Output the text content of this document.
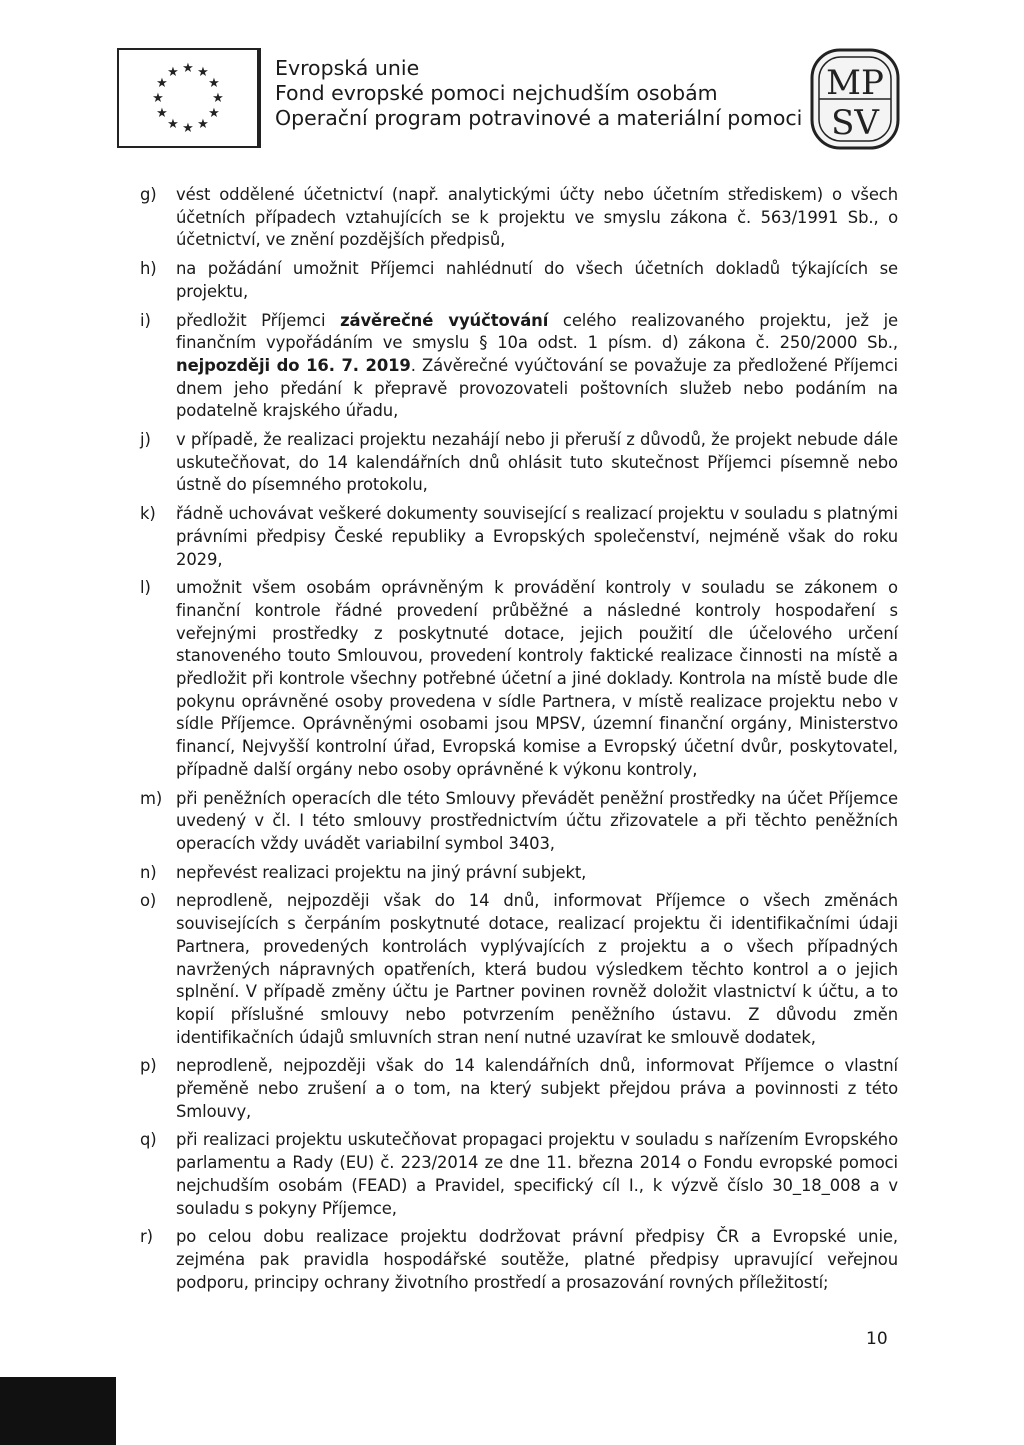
★ ★
★
★
★
★
★
★
★
★
★
★	Evropská unie
Fond evropské pomoci nejchudším osobám
Operační program potravinové a materiální pomoci
MP
SV
g) vést oddělené účetnictví (např. analytickými účty nebo účetním střediskem) o všech účetních případech vztahujících se k projektu ve smyslu zákona č. 563/1991 Sb., o účetnictví, ve znění pozdějších předpisů,
h) na požádání umožnit Příjemci nahlédnutí do všech účetních dokladů týkajících se projektu,
i) předložit Příjemci závěrečné vyúčtování celého realizovaného projektu, jež je finančním vypořádáním ve smyslu § 10a odst. 1 písm. d) zákona č. 250/2000 Sb., nejpozději do 16. 7. 2019. Závěrečné vyúčtování se považuje za předložené Příjemci dnem jeho předání k přepravě provozovateli poštovních služeb nebo podáním na podatelně krajského úřadu,
j) v případě, že realizaci projektu nezahájí nebo ji přeruší z důvodů, že projekt nebude dále uskutečňovat, do 14 kalendářních dnů ohlásit tuto skutečnost Příjemci písemně nebo ústně do písemného protokolu,
k) řádně uchovávat veškeré dokumenty související s realizací projektu v souladu s platnými právními předpisy České republiky a Evropských společenství, nejméně však do roku 2029,
l) umožnit všem osobám oprávněným k provádění kontroly v souladu se zákonem o finanční kontrole řádné provedení průběžné a následné kontroly hospodaření s veřejnými prostředky z poskytnuté dotace, jejich použití dle účelového určení stanoveného touto Smlouvou, provedení kontroly faktické realizace činnosti na místě a předložit při kontrole všechny potřebné účetní a jiné doklady. Kontrola na místě bude dle pokynu oprávněné osoby provedena v sídle Partnera, v místě realizace projektu nebo v sídle Příjemce. Oprávněnými osobami jsou MPSV, územní finanční orgány, Ministerstvo financí, Nejvyšší kontrolní úřad, Evropská komise a Evropský účetní dvůr, poskytovatel, případně další orgány nebo osoby oprávněné k výkonu kontroly,
m) při peněžních operacích dle této Smlouvy převádět peněžní prostředky na účet Příjemce uvedený v čl. I této smlouvy prostřednictvím účtu zřizovatele a při těchto peněžních operacích vždy uvádět variabilní symbol 3403,
n) nepřevést realizaci projektu na jiný právní subjekt,
o) neprodleně, nejpozději však do 14 dnů, informovat Příjemce o všech změnách souvisejících s čerpáním poskytnuté dotace, realizací projektu či identifikačními údaji Partnera, provedených kontrolách vyplývajících z projektu a o všech případných navržených nápravných opatřeních, která budou výsledkem těchto kontrol a o jejich splnění. V případě změny účtu je Partner povinen rovněž doložit vlastnictví k účtu, a to kopií příslušné smlouvy nebo potvrzením peněžního ústavu. Z důvodu změn identifikačních údajů smluvních stran není nutné uzavírat ke smlouvě dodatek,
p) neprodleně, nejpozději však do 14 kalendářních dnů, informovat Příjemce o vlastní přeměně nebo zrušení a o tom, na který subjekt přejdou práva a povinnosti z této Smlouvy,
q) při realizaci projektu uskutečňovat propagaci projektu v souladu s nařízením Evropského parlamentu a Rady (EU) č. 223/2014 ze dne 11. března 2014 o Fondu evropské pomoci nejchudším osobám (FEAD) a Pravidel, specifický cíl I., k výzvě číslo 30_18_008 a v souladu s pokyny Příjemce,
r) po celou dobu realizace projektu dodržovat právní předpisy ČR a Evropské unie, zejména pak pravidla hospodářské soutěže, platné předpisy upravující veřejnou podporu, principy ochrany životního prostředí a prosazování rovných příležitostí;
10
